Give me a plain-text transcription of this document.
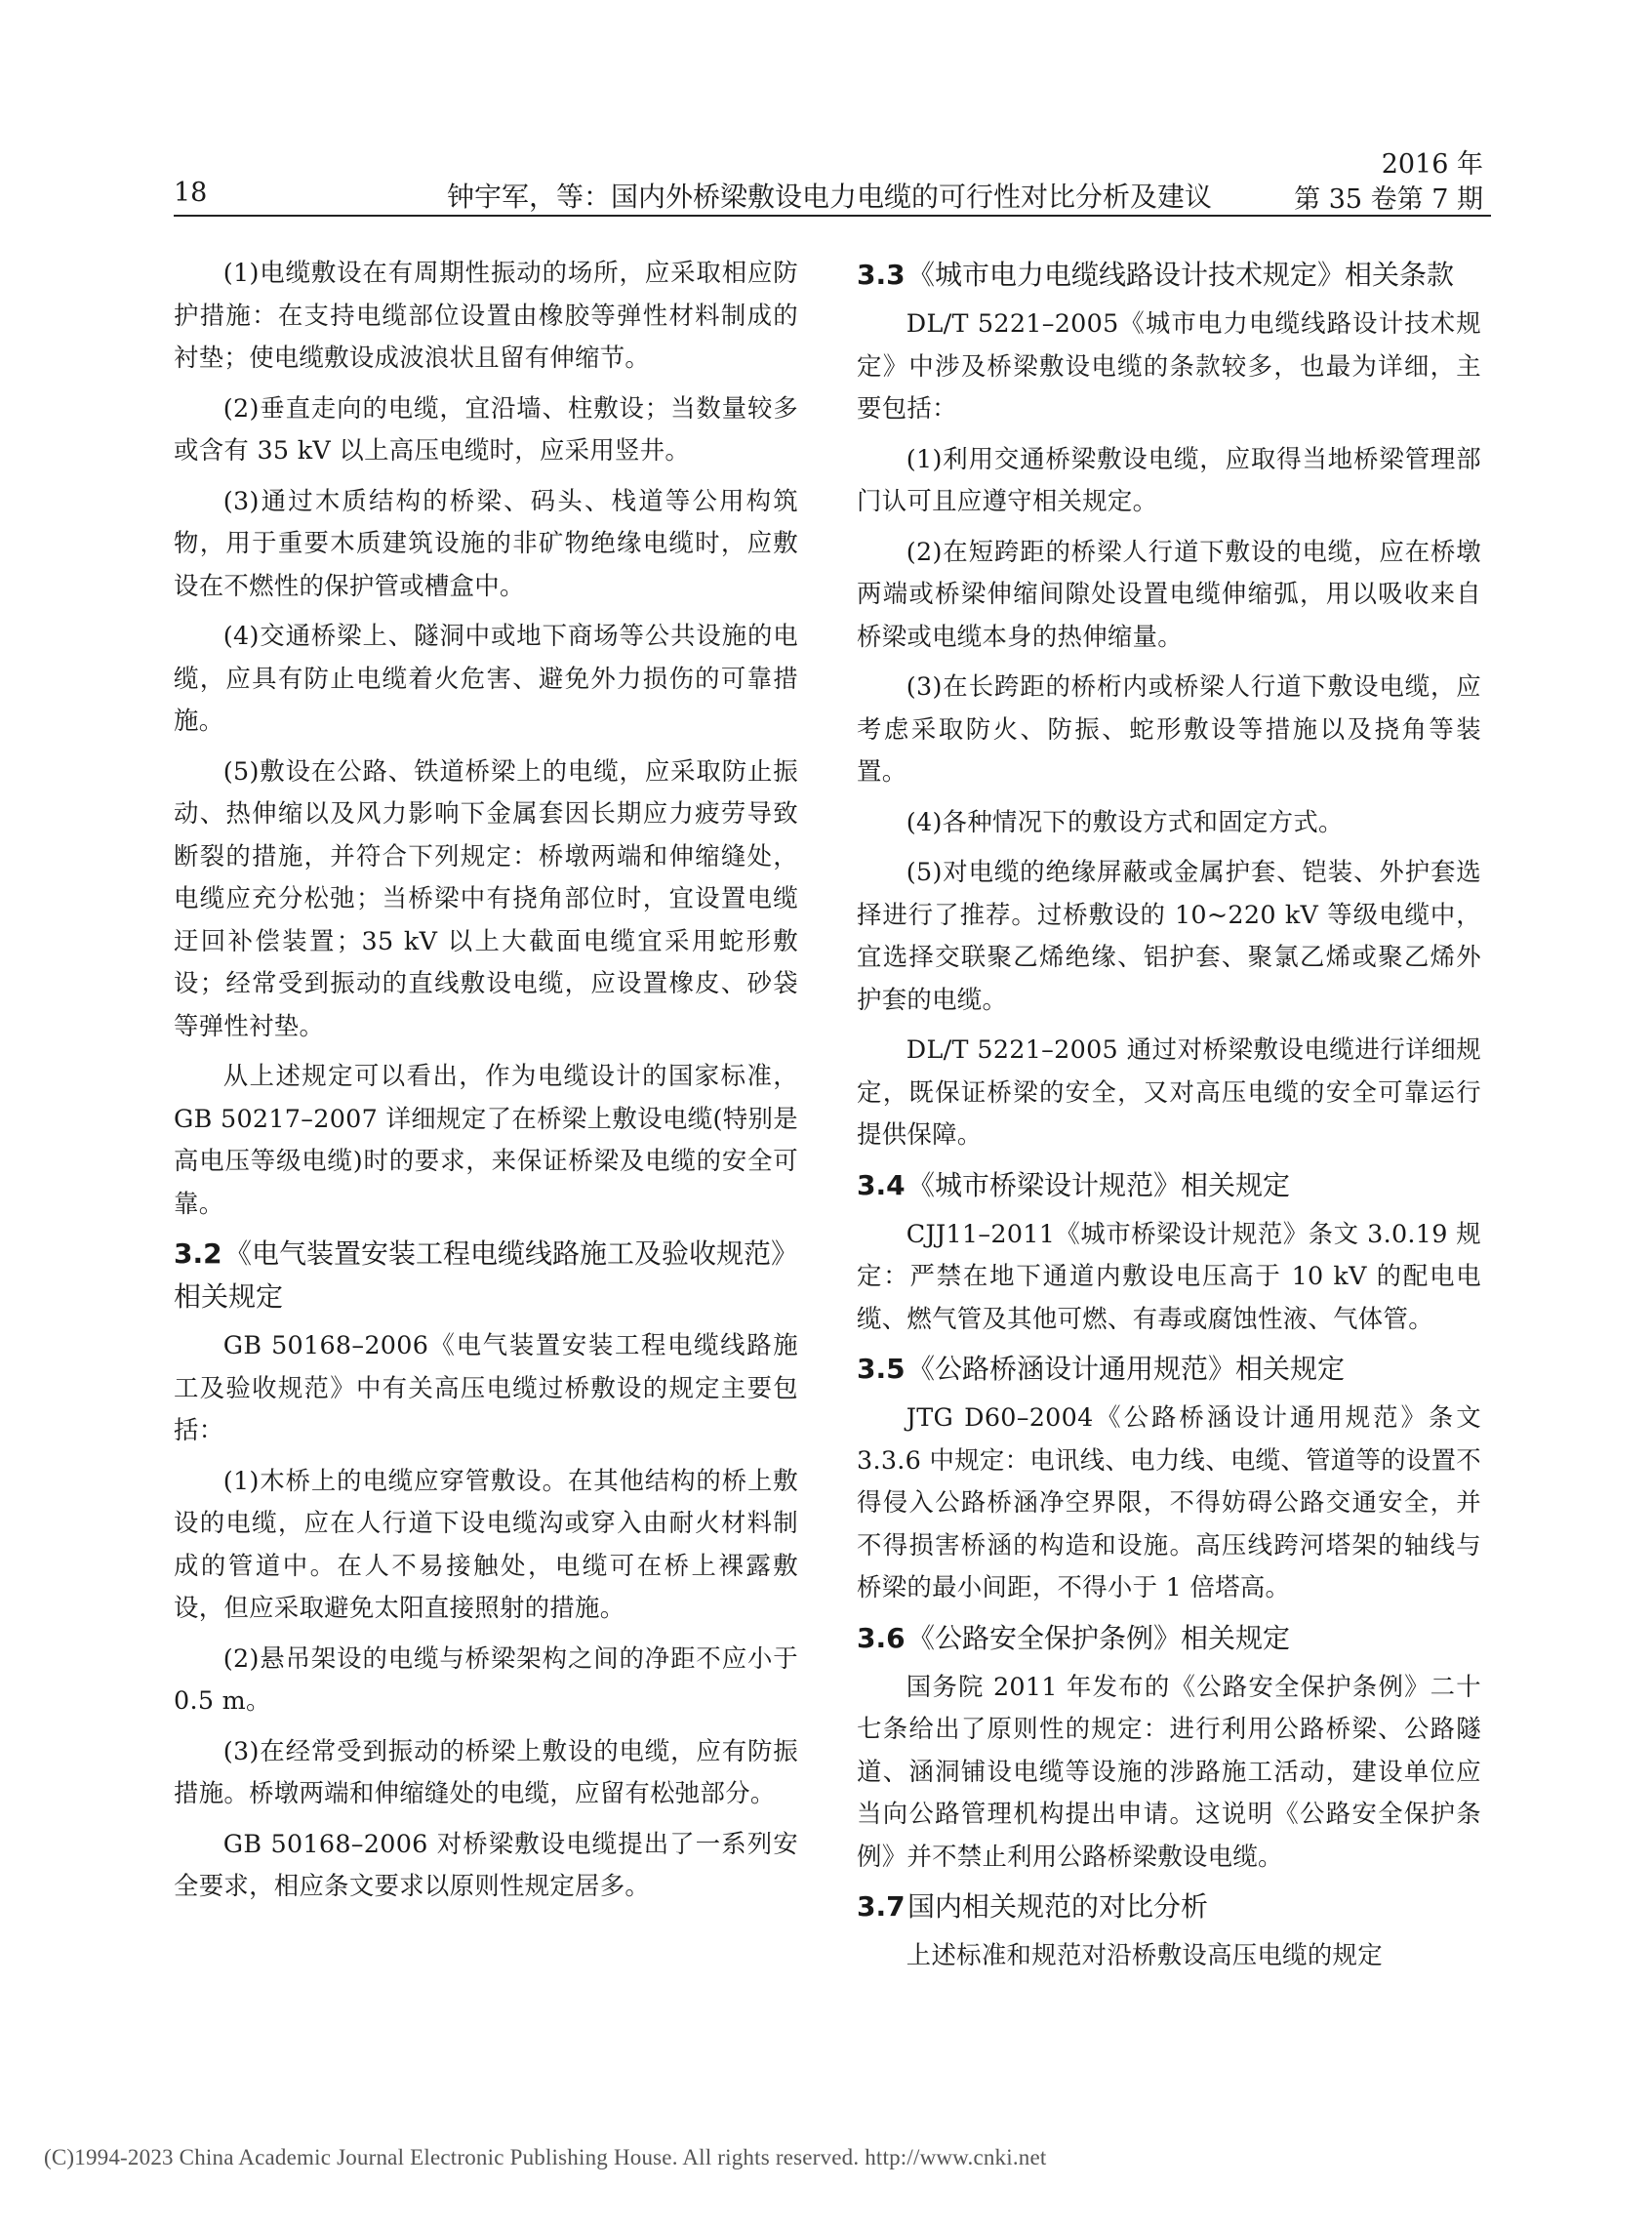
18	钟宇军，等：国内外桥梁敷设电力电缆的可行性对比分析及建议
2016 年
第 35 卷第 7 期

(1)电缆敷设在有周期性振动的场所，应采取相应防护措施：在支持电缆部位设置由橡胶等弹性材料制成的衬垫；使电缆敷设成波浪状且留有伸缩节。

(2)垂直走向的电缆，宜沿墙、柱敷设；当数量较多或含有 35 kV 以上高压电缆时，应采用竖井。

(3)通过木质结构的桥梁、码头、栈道等公用构筑物，用于重要木质建筑设施的非矿物绝缘电缆时，应敷设在不燃性的保护管或槽盒中。

(4)交通桥梁上、隧洞中或地下商场等公共设施的电缆，应具有防止电缆着火危害、避免外力损伤的可靠措施。

(5)敷设在公路、铁道桥梁上的电缆，应采取防止振动、热伸缩以及风力影响下金属套因长期应力疲劳导致断裂的措施，并符合下列规定：桥墩两端和伸缩缝处，电缆应充分松弛；当桥梁中有挠角部位时，宜设置电缆迂回补偿装置；35 kV 以上大截面电缆宜采用蛇形敷设；经常受到振动的直线敷设电缆，应设置橡皮、砂袋等弹性衬垫。

从上述规定可以看出，作为电缆设计的国家标准，GB 50217–2007 详细规定了在桥梁上敷设电缆(特别是高电压等级电缆)时的要求，来保证桥梁及电缆的安全可靠。

3.2《电气装置安装工程电缆线路施工及验收规范》相关规定

GB 50168–2006《电气装置安装工程电缆线路施工及验收规范》中有关高压电缆过桥敷设的规定主要包括：

(1)木桥上的电缆应穿管敷设。在其他结构的桥上敷设的电缆，应在人行道下设电缆沟或穿入由耐火材料制成的管道中。在人不易接触处，电缆可在桥上裸露敷设，但应采取避免太阳直接照射的措施。

(2)悬吊架设的电缆与桥梁架构之间的净距不应小于 0.5 m。

(3)在经常受到振动的桥梁上敷设的电缆，应有防振措施。桥墩两端和伸缩缝处的电缆，应留有松弛部分。

GB 50168–2006 对桥梁敷设电缆提出了一系列安全要求，相应条文要求以原则性规定居多。

3.3《城市电力电缆线路设计技术规定》相关条款

DL/T 5221–2005《城市电力电缆线路设计技术规定》中涉及桥梁敷设电缆的条款较多，也最为详细，主要包括：

(1)利用交通桥梁敷设电缆，应取得当地桥梁管理部门认可且应遵守相关规定。

(2)在短跨距的桥梁人行道下敷设的电缆，应在桥墩两端或桥梁伸缩间隙处设置电缆伸缩弧，用以吸收来自桥梁或电缆本身的热伸缩量。

(3)在长跨距的桥桁内或桥梁人行道下敷设电缆，应考虑采取防火、防振、蛇形敷设等措施以及挠角等装置。

(4)各种情况下的敷设方式和固定方式。

(5)对电缆的绝缘屏蔽或金属护套、铠装、外护套选择进行了推荐。过桥敷设的 10~220 kV 等级电缆中，宜选择交联聚乙烯绝缘、铝护套、聚氯乙烯或聚乙烯外护套的电缆。

DL/T 5221–2005 通过对桥梁敷设电缆进行详细规定，既保证桥梁的安全，又对高压电缆的安全可靠运行提供保障。

3.4《城市桥梁设计规范》相关规定

CJJ11–2011《城市桥梁设计规范》条文 3.0.19 规定：严禁在地下通道内敷设电压高于 10 kV 的配电电缆、燃气管及其他可燃、有毒或腐蚀性液、气体管。

3.5《公路桥涵设计通用规范》相关规定

JTG D60–2004《公路桥涵设计通用规范》条文 3.3.6 中规定：电讯线、电力线、电缆、管道等的设置不得侵入公路桥涵净空界限，不得妨碍公路交通安全，并不得损害桥涵的构造和设施。高压线跨河塔架的轴线与桥梁的最小间距，不得小于 1 倍塔高。

3.6《公路安全保护条例》相关规定

国务院 2011 年发布的《公路安全保护条例》二十七条给出了原则性的规定：进行利用公路桥梁、公路隧道、涵洞铺设电缆等设施的涉路施工活动，建设单位应当向公路管理机构提出申请。这说明《公路安全保护条例》并不禁止利用公路桥梁敷设电缆。

3.7国内相关规范的对比分析

上述标准和规范对沿桥敷设高压电缆的规定

(C)1994-2023 China Academic Journal Electronic Publishing House. All rights reserved. http://www.cnki.net
